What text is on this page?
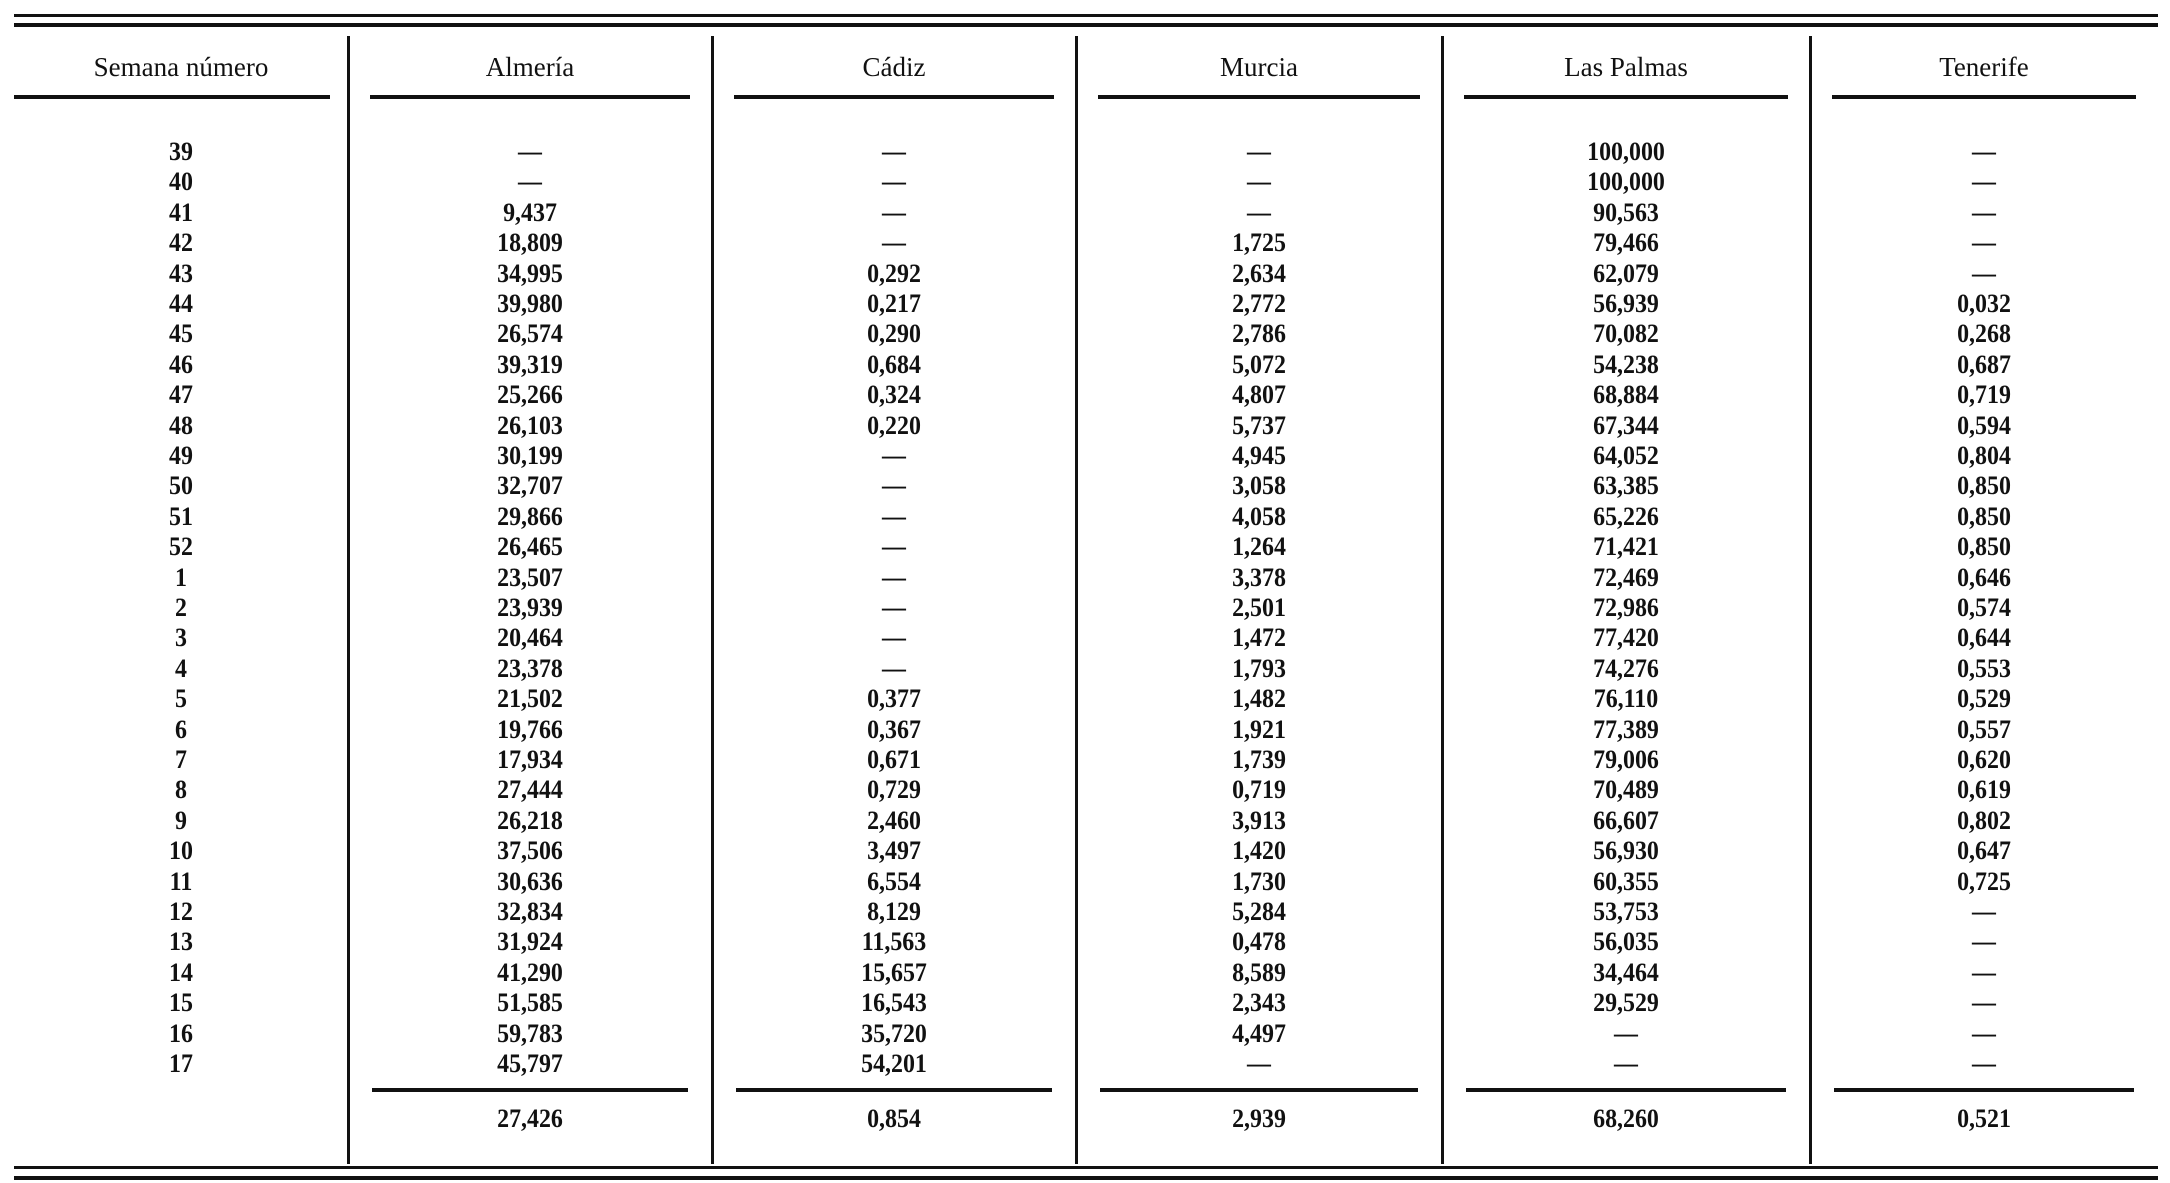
Semana número
39
40
41
42
43
44
45
46
47
48
49
50
51
52
1
2
3
4
5
6
7
8
9
10
11
12
13
14
15
16
17
Almería
—
—
9,437
18,809
34,995
39,980
26,574
39,319
25,266
26,103
30,199
32,707
29,866
26,465
23,507
23,939
20,464
23,378
21,502
19,766
17,934
27,444
26,218
37,506
30,636
32,834
31,924
41,290
51,585
59,783
45,797
27,426
Cádiz
—
—
—
—
0,292
0,217
0,290
0,684
0,324
0,220
—
—
—
—
—
—
—
—
0,377
0,367
0,671
0,729
2,460
3,497
6,554
8,129
11,563
15,657
16,543
35,720
54,201
0,854
Murcia
—
—
—
1,725
2,634
2,772
2,786
5,072
4,807
5,737
4,945
3,058
4,058
1,264
3,378
2,501
1,472
1,793
1,482
1,921
1,739
0,719
3,913
1,420
1,730
5,284
0,478
8,589
2,343
4,497
—
2,939
Las Palmas
100,000
100,000
90,563
79,466
62,079
56,939
70,082
54,238
68,884
67,344
64,052
63,385
65,226
71,421
72,469
72,986
77,420
74,276
76,110
77,389
79,006
70,489
66,607
56,930
60,355
53,753
56,035
34,464
29,529
—
—
68,260
Tenerife
—
—
—
—
—
0,032
0,268
0,687
0,719
0,594
0,804
0,850
0,850
0,850
0,646
0,574
0,644
0,553
0,529
0,557
0,620
0,619
0,802
0,647
0,725
—
—
—
—
—
—
0,521
